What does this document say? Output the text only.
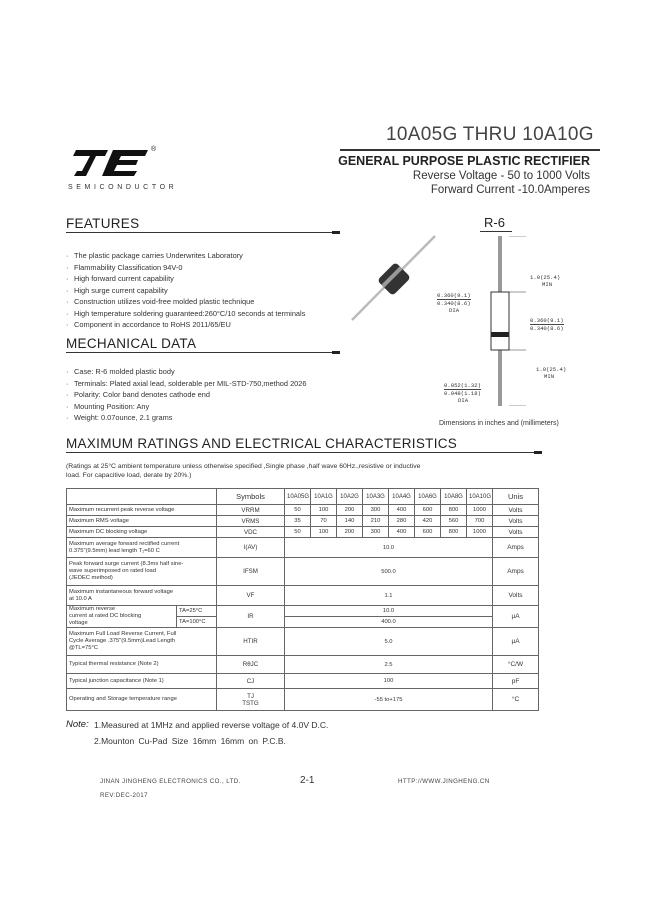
®
SEMICONDUCTOR
10A05G THRU 10A10G
GENERAL PURPOSE PLASTIC RECTIFIER
Reverse Voltage - 50 to 1000 Volts
Forward Current -10.0Amperes
FEATURES
· The plastic package carries Underwrites Laboratory
· Flammability Classification 94V-0
· High forward current capability
· High surge current capability
· Construction utilizes void-free molded plastic technique
· High temperature soldering guaranteed:260°C/10 seconds at terminals
· Component in accordance to RoHS 2011/65/EU
MECHANICAL DATA
· Case: R-6 molded plastic body
· Terminals: Plated axial lead, solderable per MIL-STD-750,method 2026
· Polarity: Color band denotes cathode end
· Mounting Position: Any
· Weight: 0.07ounce, 2.1 grams
R-6
1.0(25.4)
MIN
0.360(9.1)
0.340(8.6)
DIA
0.360(9.1)
0.340(8.6)
1.0(25.4)
MIN
0.052(1.32)
0.048(1.18)
DIA
Dimensions in inches and (millimeters)
MAXIMUM RATINGS AND ELECTRICAL CHARACTERISTICS
(Ratings at 25°C ambient temperature unless otherwise specified ,Single phase ,half wave 60Hz.,resistive or inductive
load. For capacitive load, derate by 20%.)
		Symbols	10A05G	10A1G	10A2G	10A3G	10A4G	10A6G	10A8G	10A10G	Unis
Maximum recurrent peak reverse voltage		VRRM	50	100	200	300	400	600	800	1000	Volts
Maximum RMS voltage		VRMS	35	70	140	210	280	420	560	700	Volts
Maximum DC blocking voltage		VDC	50	100	200	300	400	600	800	1000	Volts

Maximum average forward rectified current
0.375"(9.5mm) lead length T₁=60 C		I(AV)	10.0								Amps

Peak forward surge current (8.3ms half sine-
wave superimposed on rated load
(JEDEC method)		IFSM	500.0								Amps

Maximum instantaneous forward voltage
at 10.0 A		VF	1.1								Volts

Maximum reverse
current at rated DC blocking
voltage	TA=25°C	IR	10.0								µA
	TA=100°C		400.0								

Maximum Full Load Reverse Current, Full
Cycle Average .375"(9.5mm)Lead Length
@TL=75°C		HTIR	5.0								µA
Typical thermal resistance (Note 2)		RθJC	2.5								°C/W
Typical junction capacitance (Note 1)		CJ	100								pF
Operating and Storage temperature range		TJ
TSTG	-55 to+175								°C
Note: 1.Measured at 1MHz and applied reverse voltage of 4.0V D.C.
2.Mounton Cu-Pad Size 16mm 16mm on P.C.B.
JINAN JINGHENG ELECTRONICS CO., LTD.	2-1	HTTP://WWW.JINGHENG.CN
REV:DEC-2017
